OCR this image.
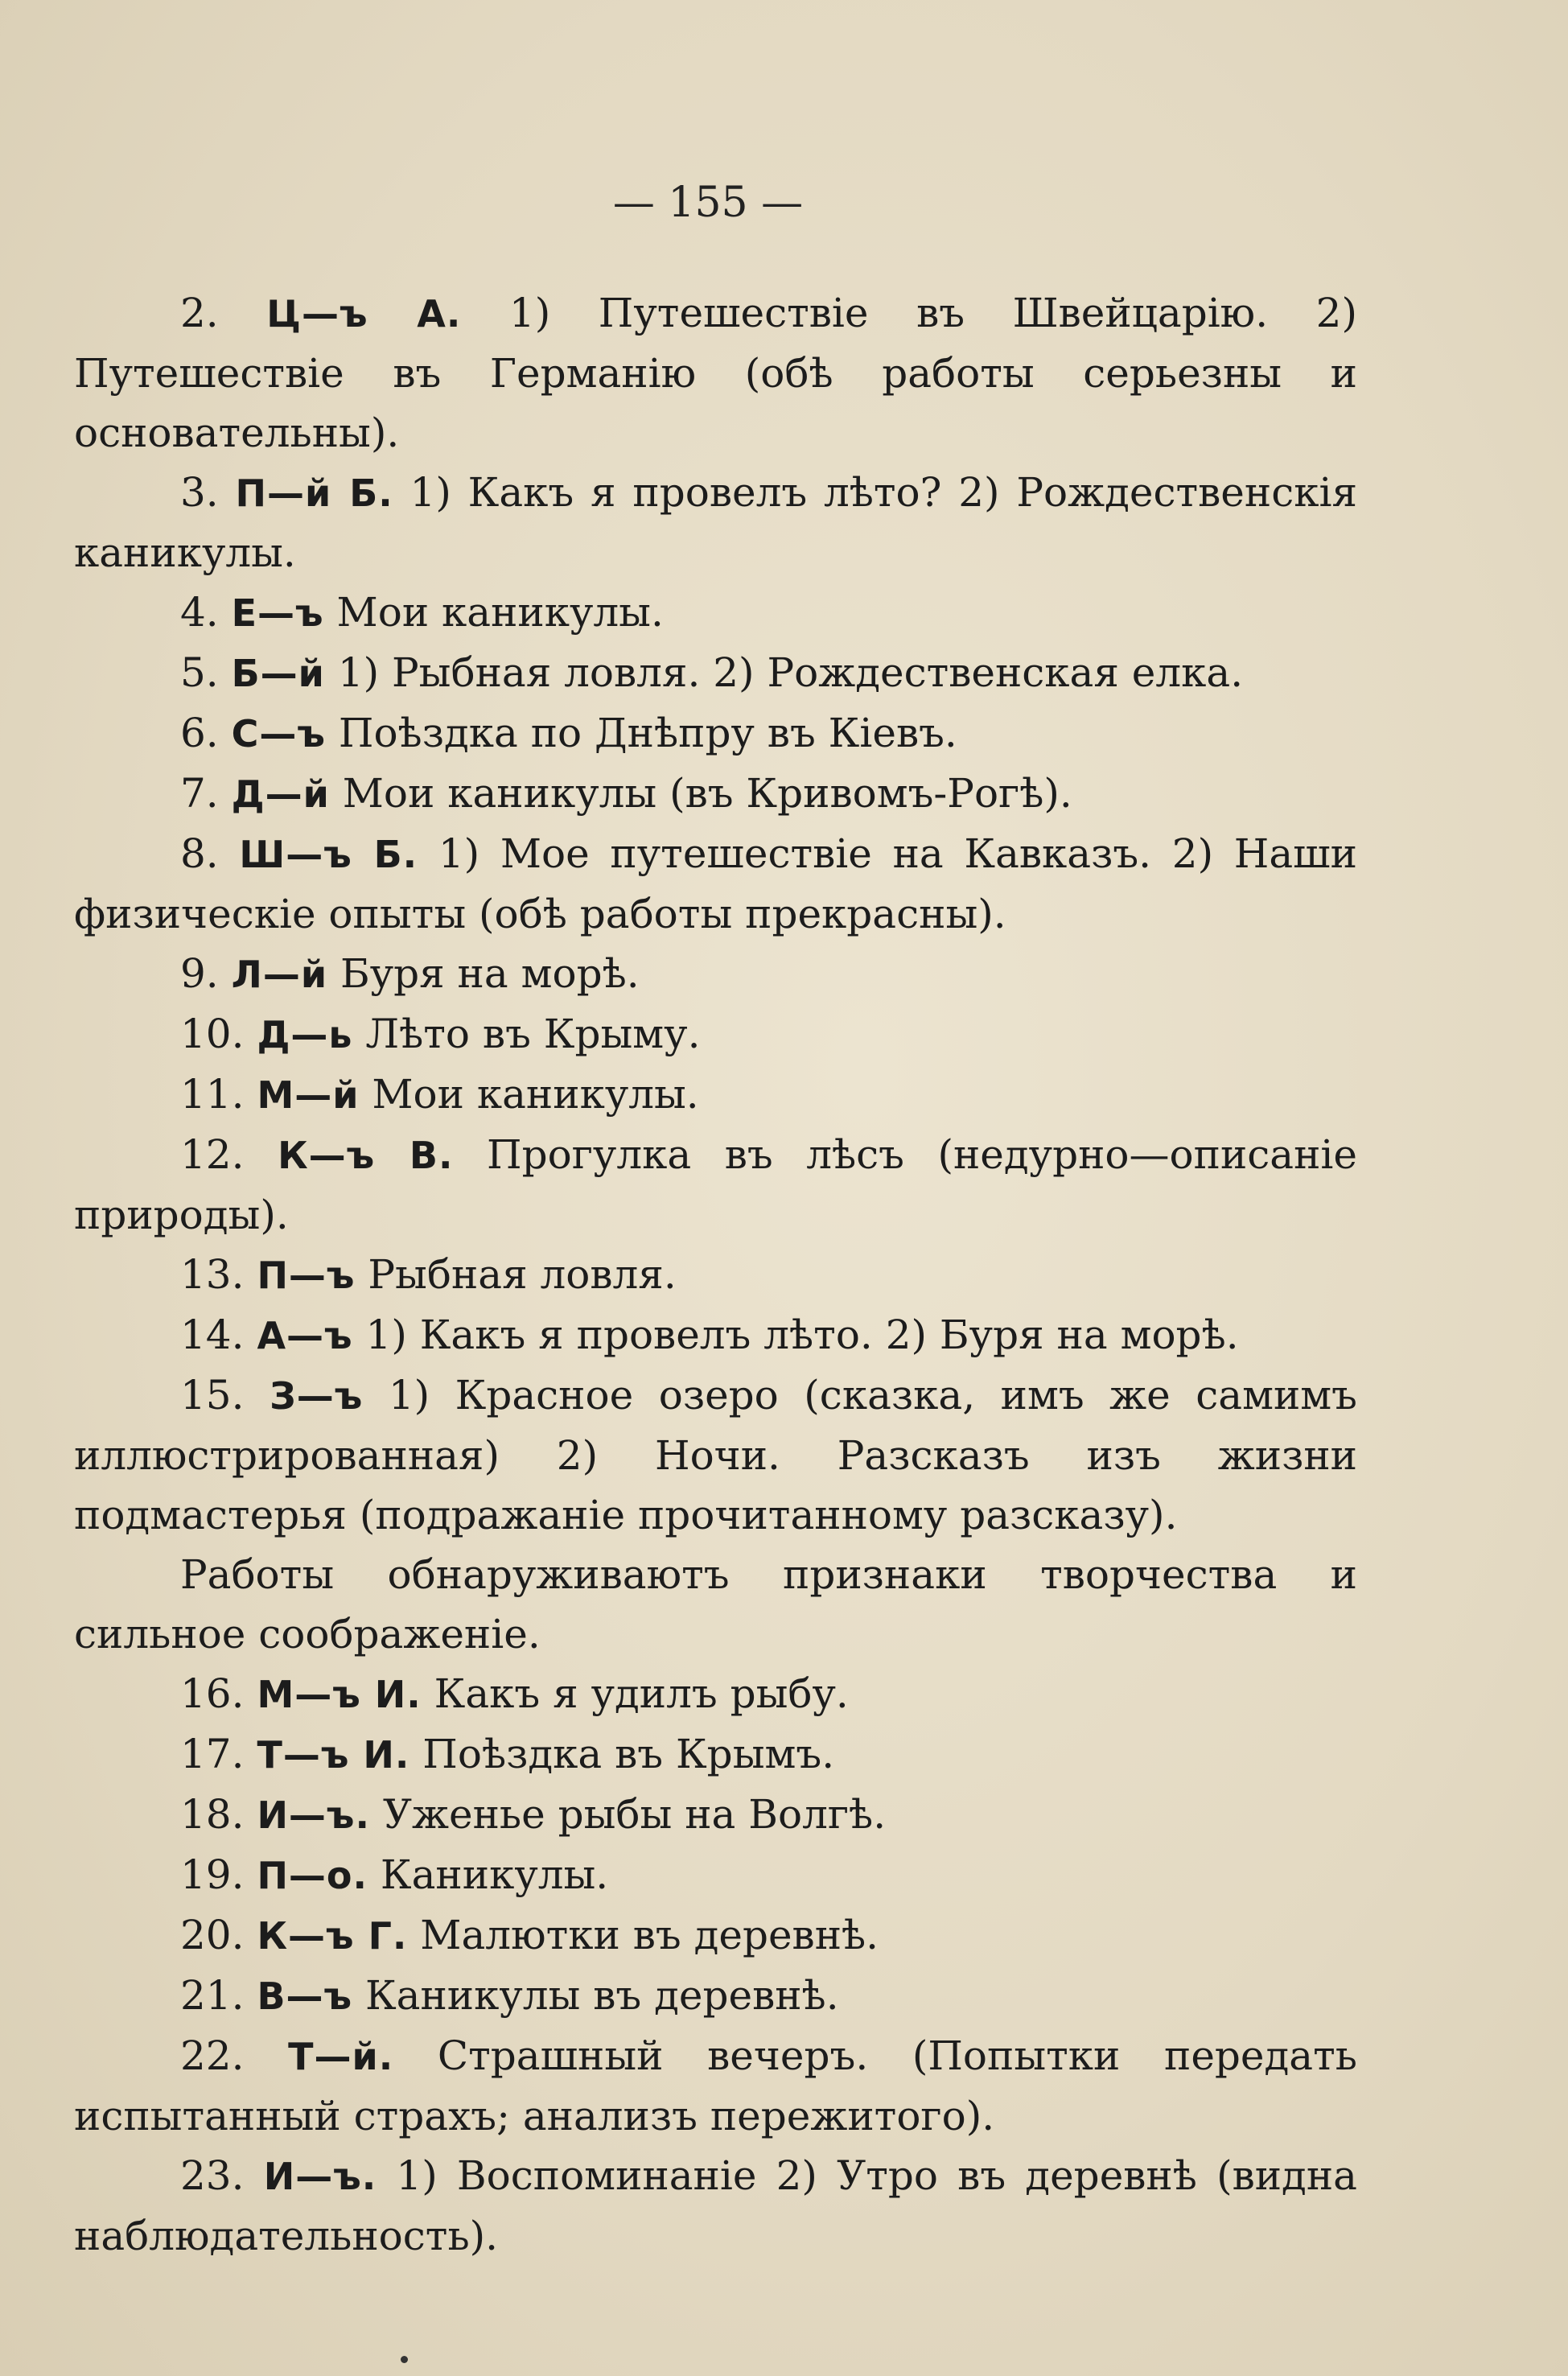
— 155 —

2. Ц—ъ А. 1) Путешествіе въ Швейцарію. 2) Путешествіе въ Германію (обѣ работы серьезны и основательны).

3. П—й Б. 1) Какъ я провелъ лѣто? 2) Рождественскія каникулы.

4. Е—ъ Мои каникулы.

5. Б—й 1) Рыбная ловля. 2) Рождественская елка.

6. С—ъ Поѣздка по Днѣпру въ Кіевъ.

7. Д—й Мои каникулы (въ Кривомъ-Рогѣ).

8. Ш—ъ Б. 1) Мое путешествіе на Кавказъ. 2) Наши физическіе опыты (обѣ работы прекрасны).

9. Л—й Буря на морѣ.

10. Д—ь Лѣто въ Крыму.

11. М—й Мои каникулы.

12. К—ъ В. Прогулка въ лѣсъ (недурно—описаніе природы).

13. П—ъ Рыбная ловля.

14. А—ъ 1) Какъ я провелъ лѣто. 2) Буря на морѣ.

15. З—ъ 1) Красное озеро (сказка, имъ же самимъ иллюстрированная) 2) Ночи. Разсказъ изъ жизни подмастерья (подражаніе прочитанному разсказу).

Работы обнаруживаютъ признаки творчества и сильное соображеніе.

16. М—ъ И. Какъ я удилъ рыбу.

17. Т—ъ И. Поѣздка въ Крымъ.

18. И—ъ. Уженье рыбы на Волгѣ.

19. П—о. Каникулы.

20. К—ъ Г. Малютки въ деревнѣ.

21. В—ъ Каникулы въ деревнѣ.

22. Т—й. Страшный вечеръ. (Попытки передать испытанный страхъ; анализъ пережитого).

23. И—ъ. 1) Воспоминаніе 2) Утро въ деревнѣ (видна наблюдательность).
